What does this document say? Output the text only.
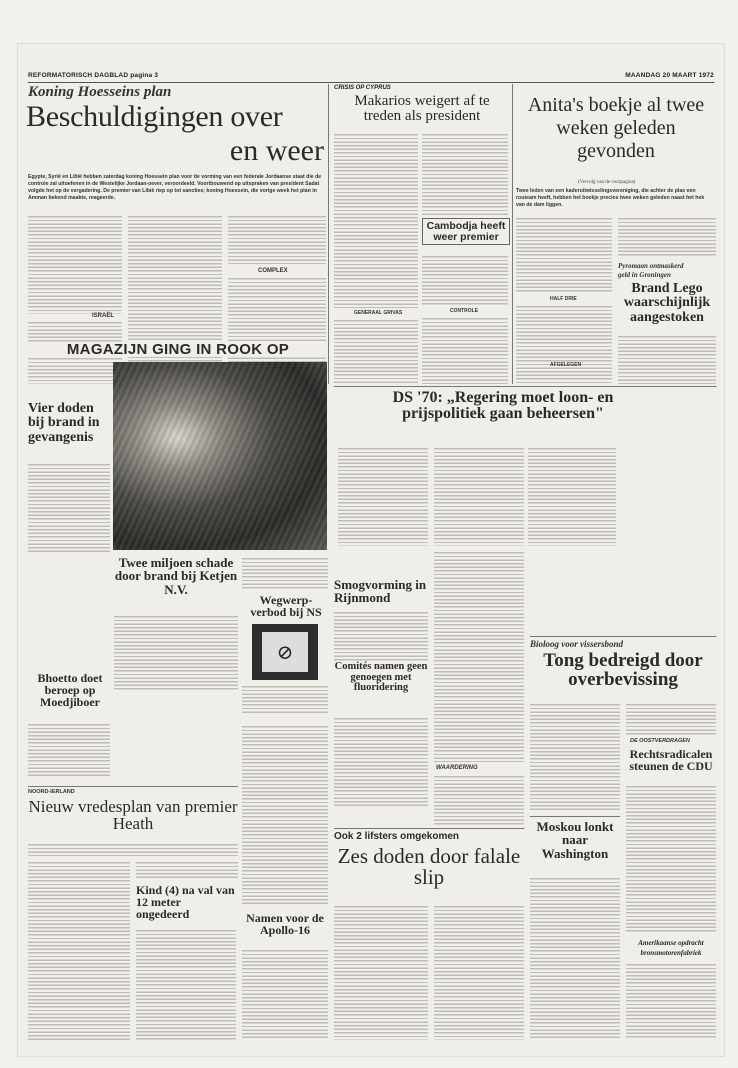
REFORMATORISCH DAGBLAD pagina 3	MAANDAG 20 MAART 1972
Koning Hoesseins plan
Beschuldigingen over
en weer
Egypte, Syrië en Libië hebben zaterdag koning Hoessein plan voor de vorming van een federale Jordaanse staat die de controle zal uitoefenen in de Westelijke Jordaan-oever, veroordeeld. Voortbouwend op uitspraken van president Sadat volgde het op de vergadering. De premier van Libië riep op tot sancties; koning Hoessein, die vorige week het plan in Amman bekend maakte, reageerde.
ISRAËL
COMPLEX
CRISIS OP CYPRUS
Makarios weigert af te treden als president
Cambodja heeft weer premier
GENERAAL GRIVAS	CONTROLE
Anita's boekje al twee weken geleden gevonden
(Vervolg van de voorpagina)
Twee leden van een kaderuitwisselingsvereniging, die achter de plas een routeam heeft, hebben het boekje precies twee weken geleden naast het hek van de dam liggen.
HALF DRIE
AFGELEGEN
Pyromaan ontmaskerd
geld in Groningen
Brand Lego waarschijnlijk aangestoken
MAGAZIJN GING IN ROOK OP
Vier doden bij brand in gevangenis
DS '70: „Regering moet loon- en prijspolitiek gaan beheersen"
Twee miljoen schade door brand bij Ketjen N.V.
Wegwerp-verbod bij NS
⊘
Smogvorming in Rijnmond
Comités namen geen genoegen met fluoridering
WAARDERING
Bioloog voor vissersbond
Tong bedreigd door overbevissing
Bhoetto doet beroep op Moedjiboer
NOORD-IERLAND
Nieuw vredesplan van premier Heath
Kind (4) na val van 12 meter ongedeerd	Namen voor de Apollo-16
Ook 2 lifsters omgekomen
Zes doden door falale slip
Moskou lonkt naar Washington
DE OOSTVERDRAGEN
Rechtsradicalen steunen de CDU
Amerikaanse opdracht
bronsmotorenfabriek
